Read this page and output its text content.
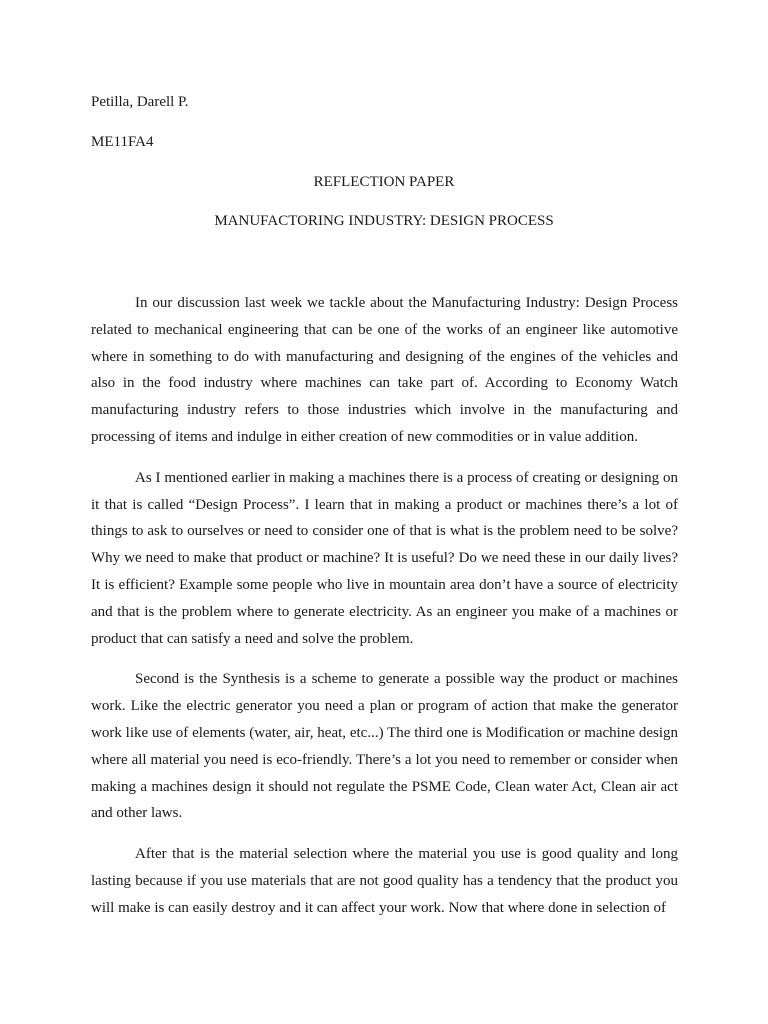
Petilla, Darell P.

ME11FA4

REFLECTION PAPER

MANUFACTORING INDUSTRY: DESIGN PROCESS

In our discussion last week we tackle about the Manufacturing Industry: Design Process related to mechanical engineering that can be one of the works of an engineer like automotive where in something to do with manufacturing and designing of the engines of the vehicles and also in the food industry where machines can take part of. According to Economy Watch manufacturing industry refers to those industries which involve in the manufacturing and processing of items and indulge in either creation of new commodities or in value addition.

As I mentioned earlier in making a machines there is a process of creating or designing on it that is called “Design Process”. I learn that in making a product or machines there’s a lot of things to ask to ourselves or need to consider one of that is what is the problem need to be solve? Why we need to make that product or machine? It is useful? Do we need these in our daily lives? It is efficient? Example some people who live in mountain area don’t have a source of electricity and that is the problem where to generate electricity. As an engineer you make of a machines or product that can satisfy a need and solve the problem.

Second is the Synthesis is a scheme to generate a possible way the product or machines work. Like the electric generator you need a plan or program of action that make the generator work like use of elements (water, air, heat, etc...) The third one is Modification or machine design where all material you need is eco-friendly. There’s a lot you need to remember or consider when making a machines design it should not regulate the PSME Code, Clean water Act, Clean air act and other laws.

After that is the material selection where the material you use is good quality and long lasting because if you use materials that are not good quality has a tendency that the product you will make is can easily destroy and it can affect your work. Now that where done in selection of
